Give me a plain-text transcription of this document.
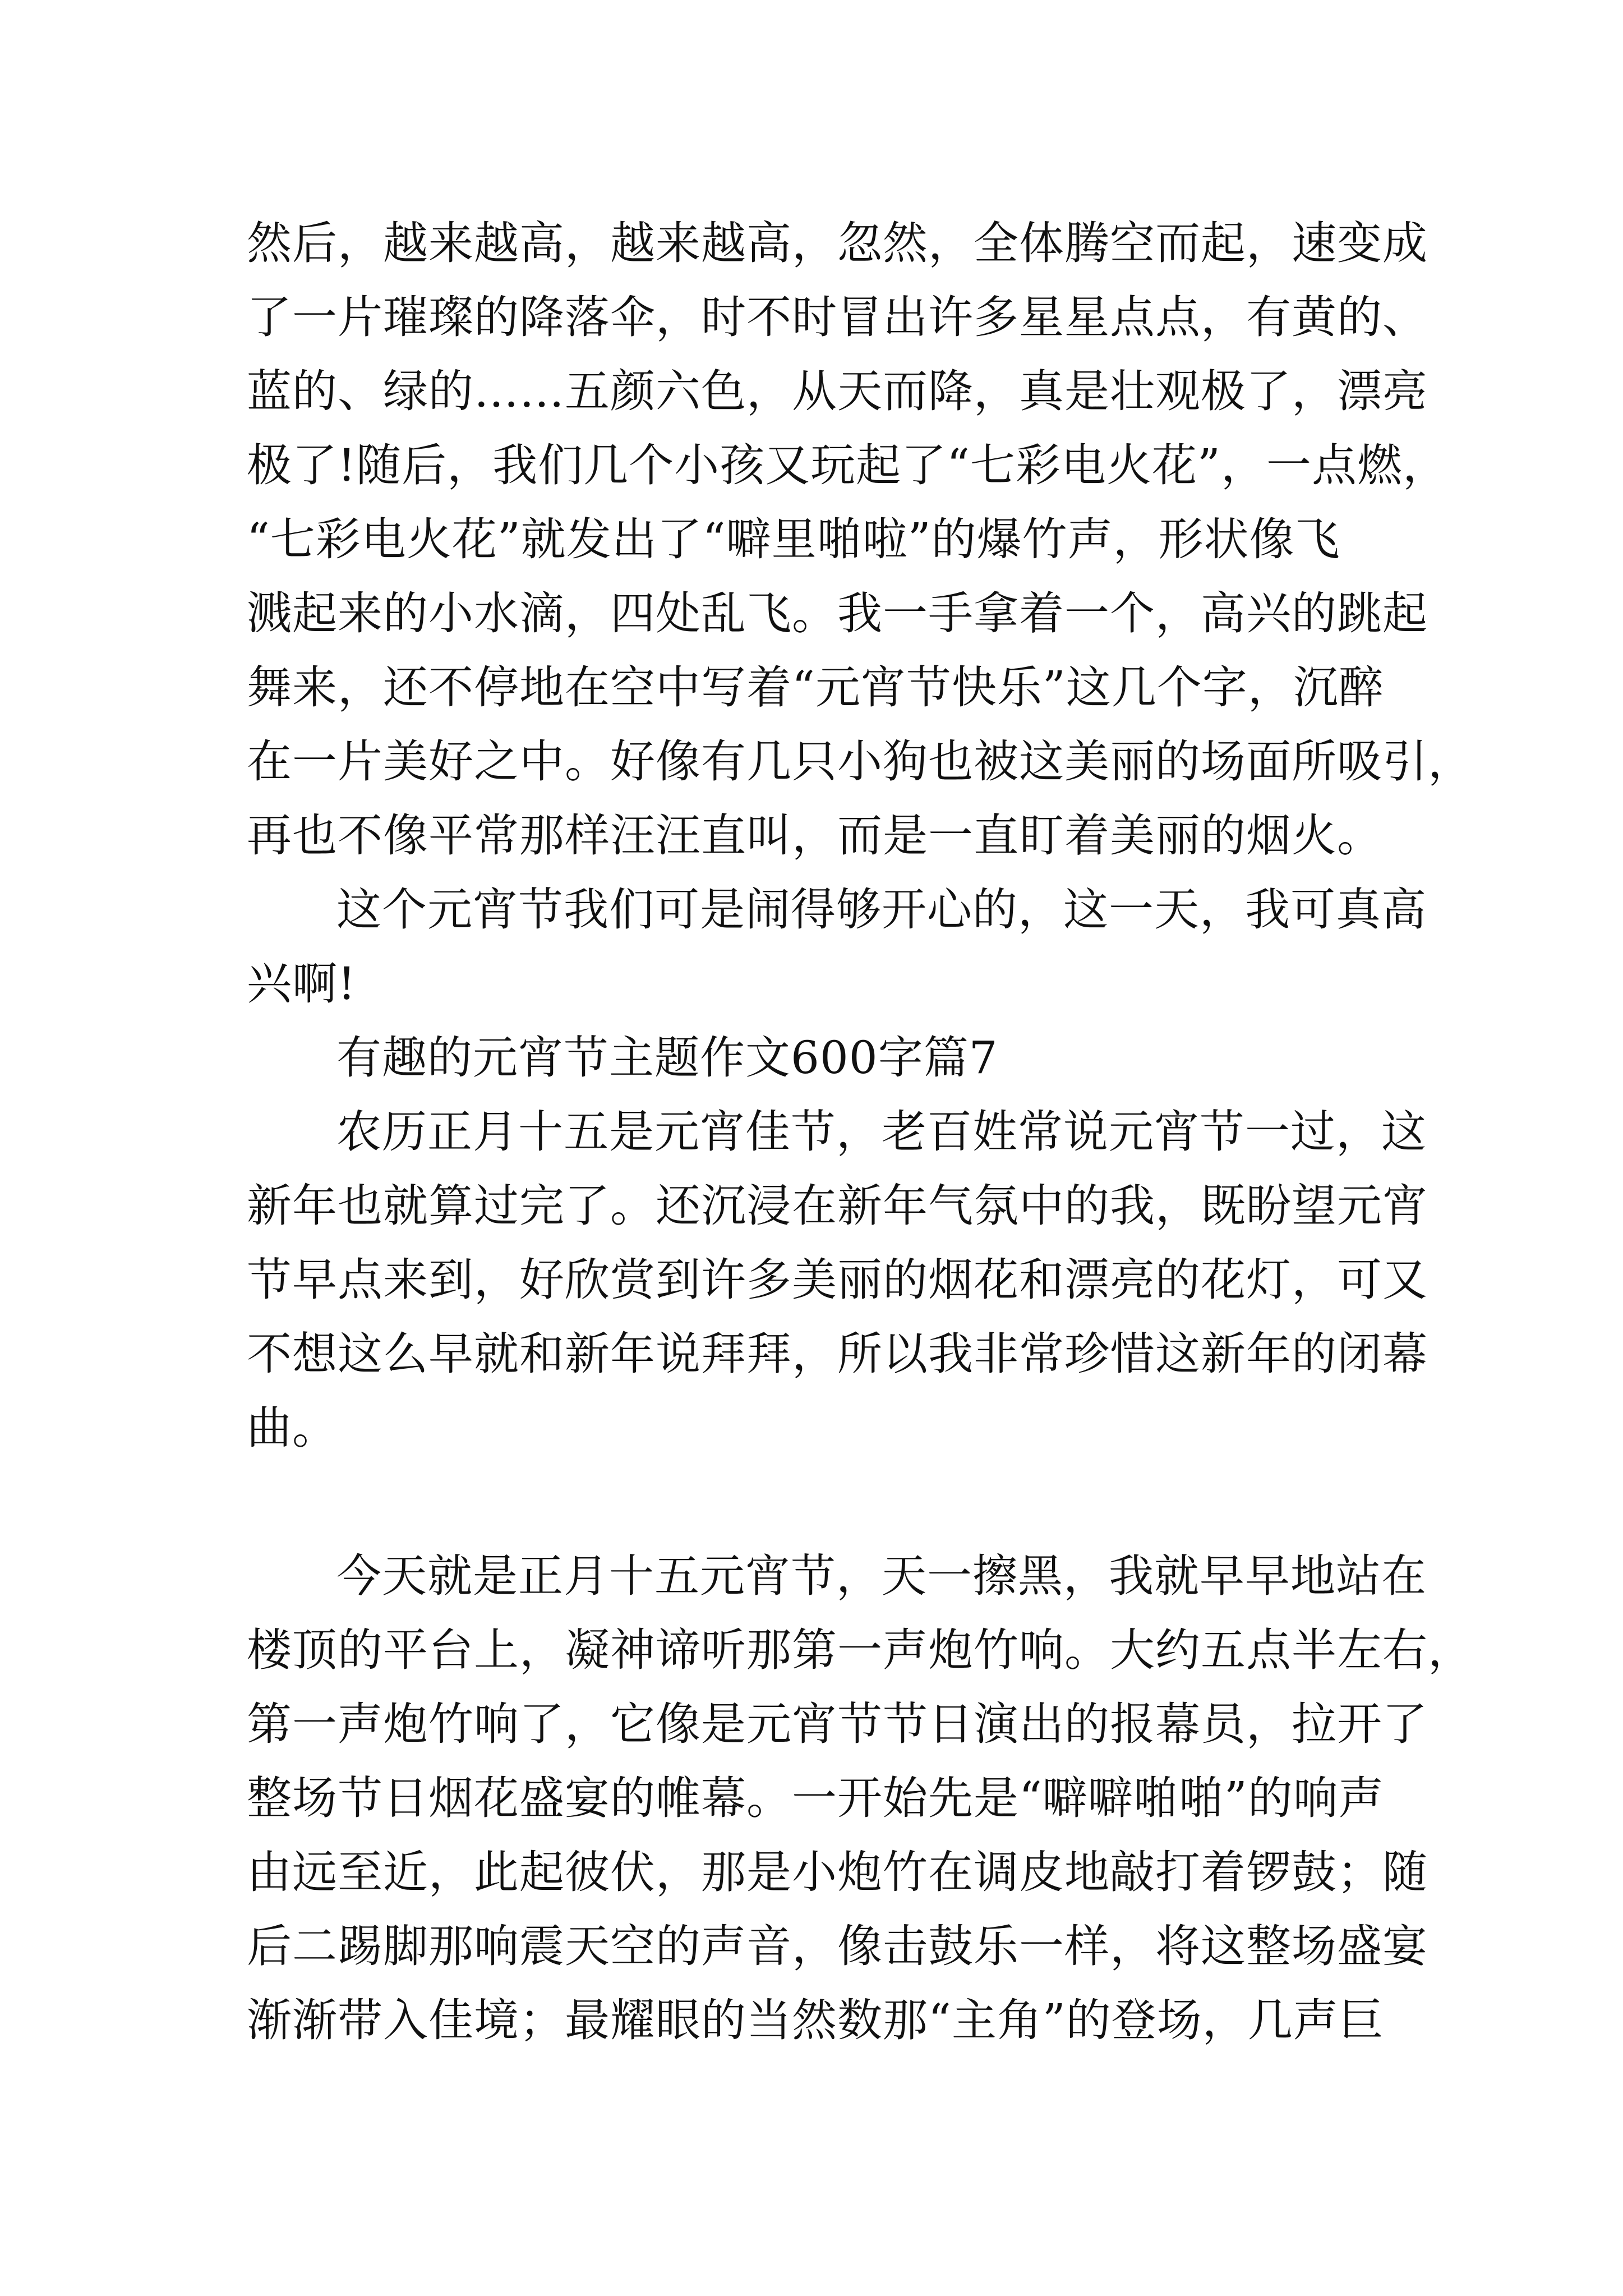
然后，越来越高，越来越高，忽然，全体腾空而起，速变成
了一片璀璨的降落伞，时不时冒出许多星星点点，有黄的、
蓝的、绿的……五颜六色，从天而降，真是壮观极了，漂亮
极了!随后，我们几个小孩又玩起了“七彩电火花”，一点燃，
“七彩电火花”就发出了“噼里啪啦”的爆竹声，形状像飞
溅起来的小水滴，四处乱飞。我一手拿着一个，高兴的跳起
舞来，还不停地在空中写着“元宵节快乐”这几个字，沉醉
在一片美好之中。好像有几只小狗也被这美丽的场面所吸引，
再也不像平常那样汪汪直叫，而是一直盯着美丽的烟火。
这个元宵节我们可是闹得够开心的，这一天，我可真高
兴啊!
有趣的元宵节主题作文600字篇7
农历正月十五是元宵佳节，老百姓常说元宵节一过，这
新年也就算过完了。还沉浸在新年气氛中的我，既盼望元宵
节早点来到，好欣赏到许多美丽的烟花和漂亮的花灯，可又
不想这么早就和新年说拜拜，所以我非常珍惜这新年的闭幕
曲。
今天就是正月十五元宵节，天一擦黑，我就早早地站在
楼顶的平台上，凝神谛听那第一声炮竹响。大约五点半左右，
第一声炮竹响了，它像是元宵节节日演出的报幕员，拉开了
整场节日烟花盛宴的帷幕。一开始先是“噼噼啪啪”的响声
由远至近，此起彼伏，那是小炮竹在调皮地敲打着锣鼓；随
后二踢脚那响震天空的声音，像击鼓乐一样，将这整场盛宴
渐渐带入佳境；最耀眼的当然数那“主角”的登场，几声巨
